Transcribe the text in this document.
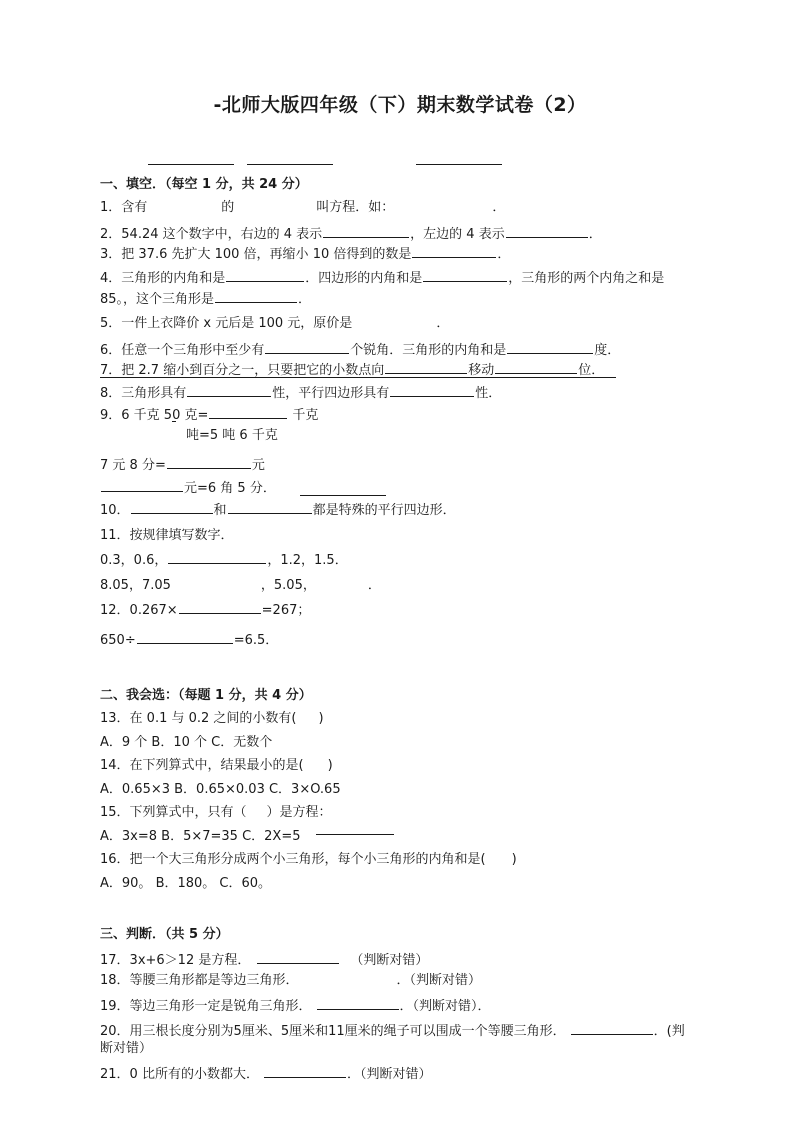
-北师大版四年级（下）期末数学试卷（2）
一、填空．（每空 1 分，共 24 分）
1．含有	的	叫方程．如：	．
2．54.24 这个数字中，右边的 4 表示	，左边的 4 表示	．
3．把 37.6 先扩大 100 倍，再缩小 10 倍得到的数是	．
4．三角形的内角和是	．四边形的内角和是	，三角形的两个内角之和是
85。，这个三角形是	．
5．一件上衣降价 x 元后是 100 元，原价是	．
6．任意一个三角形中至少有	个锐角．三角形的内角和是	度．
7．把 2.7 缩小到百分之一，只要把它的小数点向	移动	位．
8．三角形具有	性，平行四边形具有	性．
9．6 千克 50 克=	千克
吨=5 吨 6 千克
7 元 8 分=	元
元=6 角 5 分．
10．	和	都是特殊的平行四边形．
11．按规律填写数字．
0.3，0.6，	，1.2，1.5．
8.05，7.05	，5.05，	．
12．0.267×	=267；
650÷	=6.5．
二、我会选：（每题 1 分，共 4 分）
13．在 0.1 与 0.2 之间的小数有( )
A．9 个 B．10 个 C．无数个
14．在下列算式中，结果最小的是( )
A．0.65×3 B．0.65×0.03 C．3×O.65
15．下列算式中，只有（ ）是方程：
A．3x=8 B．5×7=35 C．2X=5
16．把一个大三角形分成两个小三角形，每个小三角形的内角和是( )
A．90。 B．180。 C．60。
三、判断．（共 5 分）
17．3x+6＞12 是方程．	（判断对错）
18．等腰三角形都是等边三角形．	．（判断对错）
19．等边三角形一定是锐角三角形．	．（判断对错）．
20．用三根长度分别为5厘米、5厘米和11厘米的绳子可以围成一个等腰三角形．	．(判
断对错）
21．0 比所有的小数都大．	．（判断对错）
